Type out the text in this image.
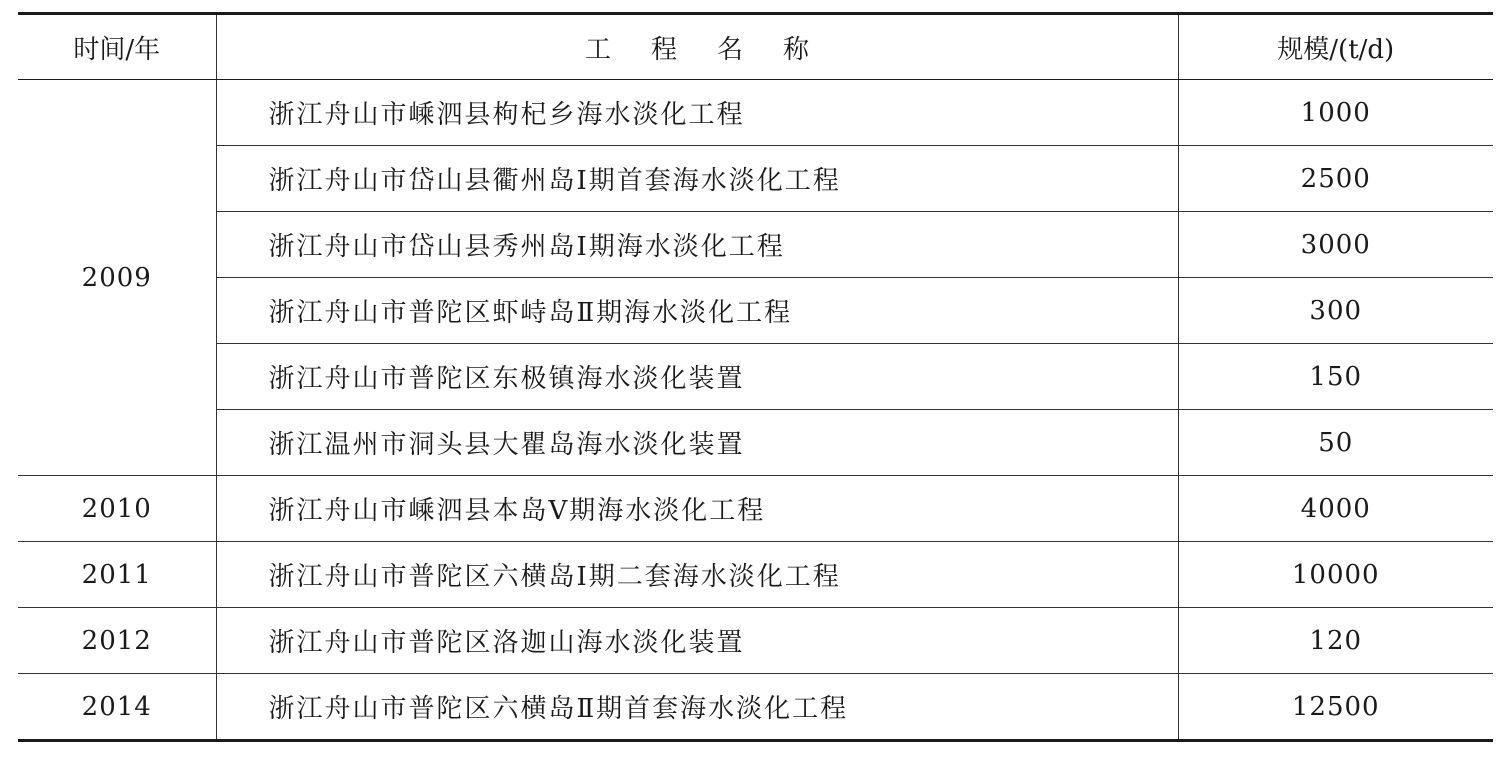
时间/年	工 程 名 称	规模/(t/d)
2009	浙江舟山市嵊泗县枸杞乡海水淡化工程	1000
	浙江舟山市岱山县衢州岛Ⅰ期首套海水淡化工程	2500
	浙江舟山市岱山县秀州岛Ⅰ期海水淡化工程	3000
	浙江舟山市普陀区虾峙岛Ⅱ期海水淡化工程	300
	浙江舟山市普陀区东极镇海水淡化装置	150
	浙江温州市洞头县大瞿岛海水淡化装置	50
2010	浙江舟山市嵊泗县本岛Ⅴ期海水淡化工程	4000
2011	浙江舟山市普陀区六横岛Ⅰ期二套海水淡化工程	10000
2012	浙江舟山市普陀区洛迦山海水淡化装置	120
2014	浙江舟山市普陀区六横岛Ⅱ期首套海水淡化工程	12500
